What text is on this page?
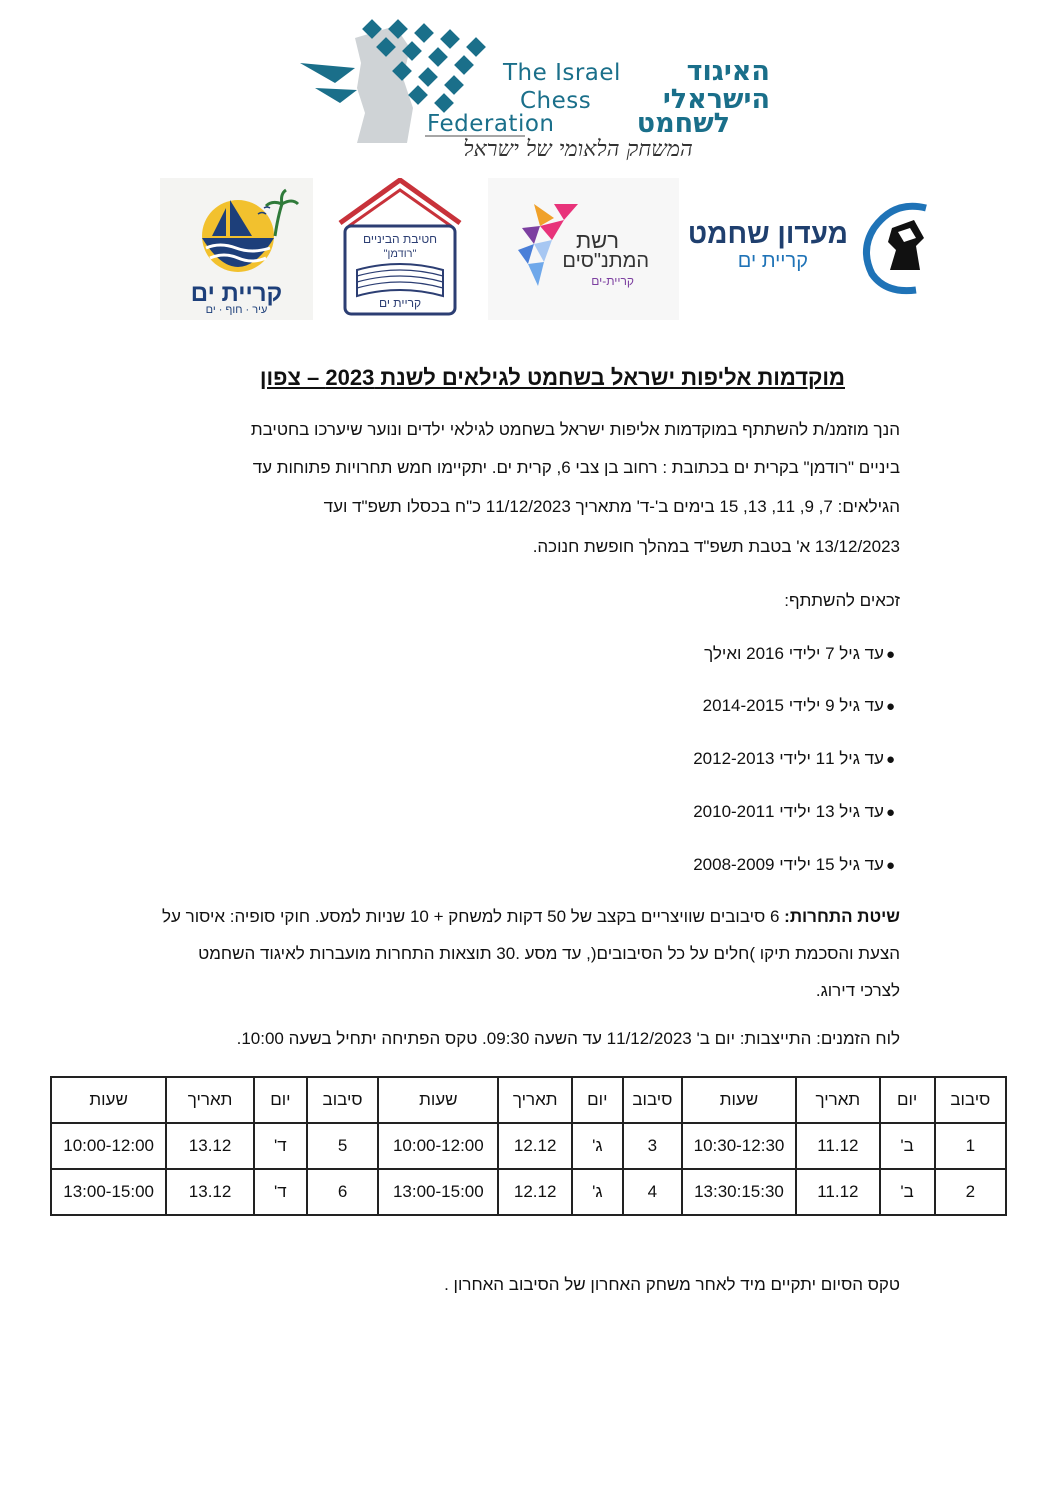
The Israel
Chess
Federation
האיגוד
הישראלי
לשחמט
המשחק הלאומי של ישראל
קריית ים
עיר · חוף · ים
חטיבת הביניים
"רודמן"
קריית ים
רשת
המתנ"סים
קריית-ים
מעדון שחמט
קריית ים
מוקדמות אליפות ישראל בשחמט לגילאים לשנת 2023 – צפון
הנך מוזמנ/ת להשתתף במוקדמות אליפות ישראל בשחמט לגילאי ילדים ונוער שיערכו בחטיבת
ביניים "רודמן" בקרית ים בכתובת : רחוב בן צבי 6, קרית ים. יתקיימו חמש תחרויות פתוחות עד
הגילאים: 7, 9, 11, 13, 15 בימים ב'-ד' מתאריך 11/12/2023 כ"ח בכסלו תשפ"ד ועד
13/12/2023 א' בטבת תשפ"ד במהלך חופשת חנוכה.
זכאים להשתתף:
●עד גיל 7 ילידי 2016 ואילך
●עד גיל 9 ילידי 2014-2015
●עד גיל 11 ילידי 2012-2013
●עד גיל 13 ילידי 2010-2011
●עד גיל 15 ילידי 2008-2009
שיטת התחרות: 6 סיבובים שוויצריים בקצב של 50 דקות למשחק + 10 שניות למסע. חוקי סופיה: איסור על
הצעת והסכמת תיקו )חלים על כל הסיבובים(, עד מסע .30 תוצאות התחרות מועברות לאיגוד השחמט
לצרכי דירוג.
לוח הזמנים: התייצבות: יום ב' 11/12/2023 עד השעה 09:30. טקס הפתיחה יתחיל בשעה 10:00.
סיבוב	יום	תאריך	שעות	סיבוב	יום	תאריך	שעות	סיבוב	יום	תאריך	שעות
1	ב'	11.12	10:30-12:30	3	ג'	12.12	10:00-12:00	5	ד'	13.12	10:00-12:00
2	ב'	11.12	13:30:15:30	4	ג'	12.12	13:00-15:00	6	ד'	13.12	13:00-15:00
טקס הסיום יתקיים מיד לאחר משחק האחרון של הסיבוב האחרון .
